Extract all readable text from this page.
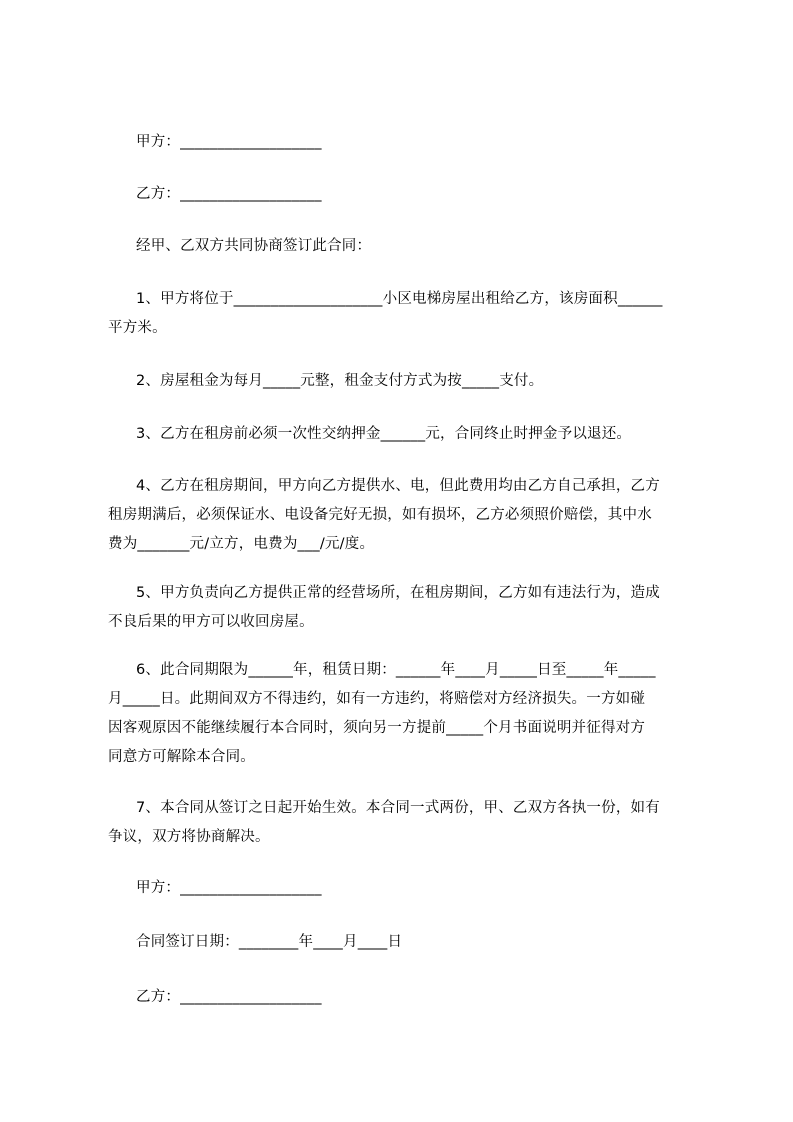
甲方：___________________
乙方：___________________
经甲、乙双方共同协商签订此合同：
1、甲方将位于____________________小区电梯房屋出租给乙方，该房面积______
平方米。
2、房屋租金为每月_____元整，租金支付方式为按_____支付。
3、乙方在租房前必须一次性交纳押金______元，合同终止时押金予以退还。
4、乙方在租房期间，甲方向乙方提供水、电，但此费用均由乙方自己承担，乙方
租房期满后，必须保证水、电设备完好无损，如有损坏，乙方必须照价赔偿，其中水
费为_______元/立方，电费为___/元/度。
5、甲方负责向乙方提供正常的经营场所，在租房期间，乙方如有违法行为，造成
不良后果的甲方可以收回房屋。
6、此合同期限为______年，租赁日期：______年____月_____日至_____年_____
月_____日。此期间双方不得违约，如有一方违约，将赔偿对方经济损失。一方如碰
因客观原因不能继续履行本合同时，须向另一方提前_____个月书面说明并征得对方
同意方可解除本合同。
7、本合同从签订之日起开始生效。本合同一式两份，甲、乙双方各执一份，如有
争议，双方将协商解决。
甲方：___________________
合同签订日期：________年____月____日
乙方：___________________
